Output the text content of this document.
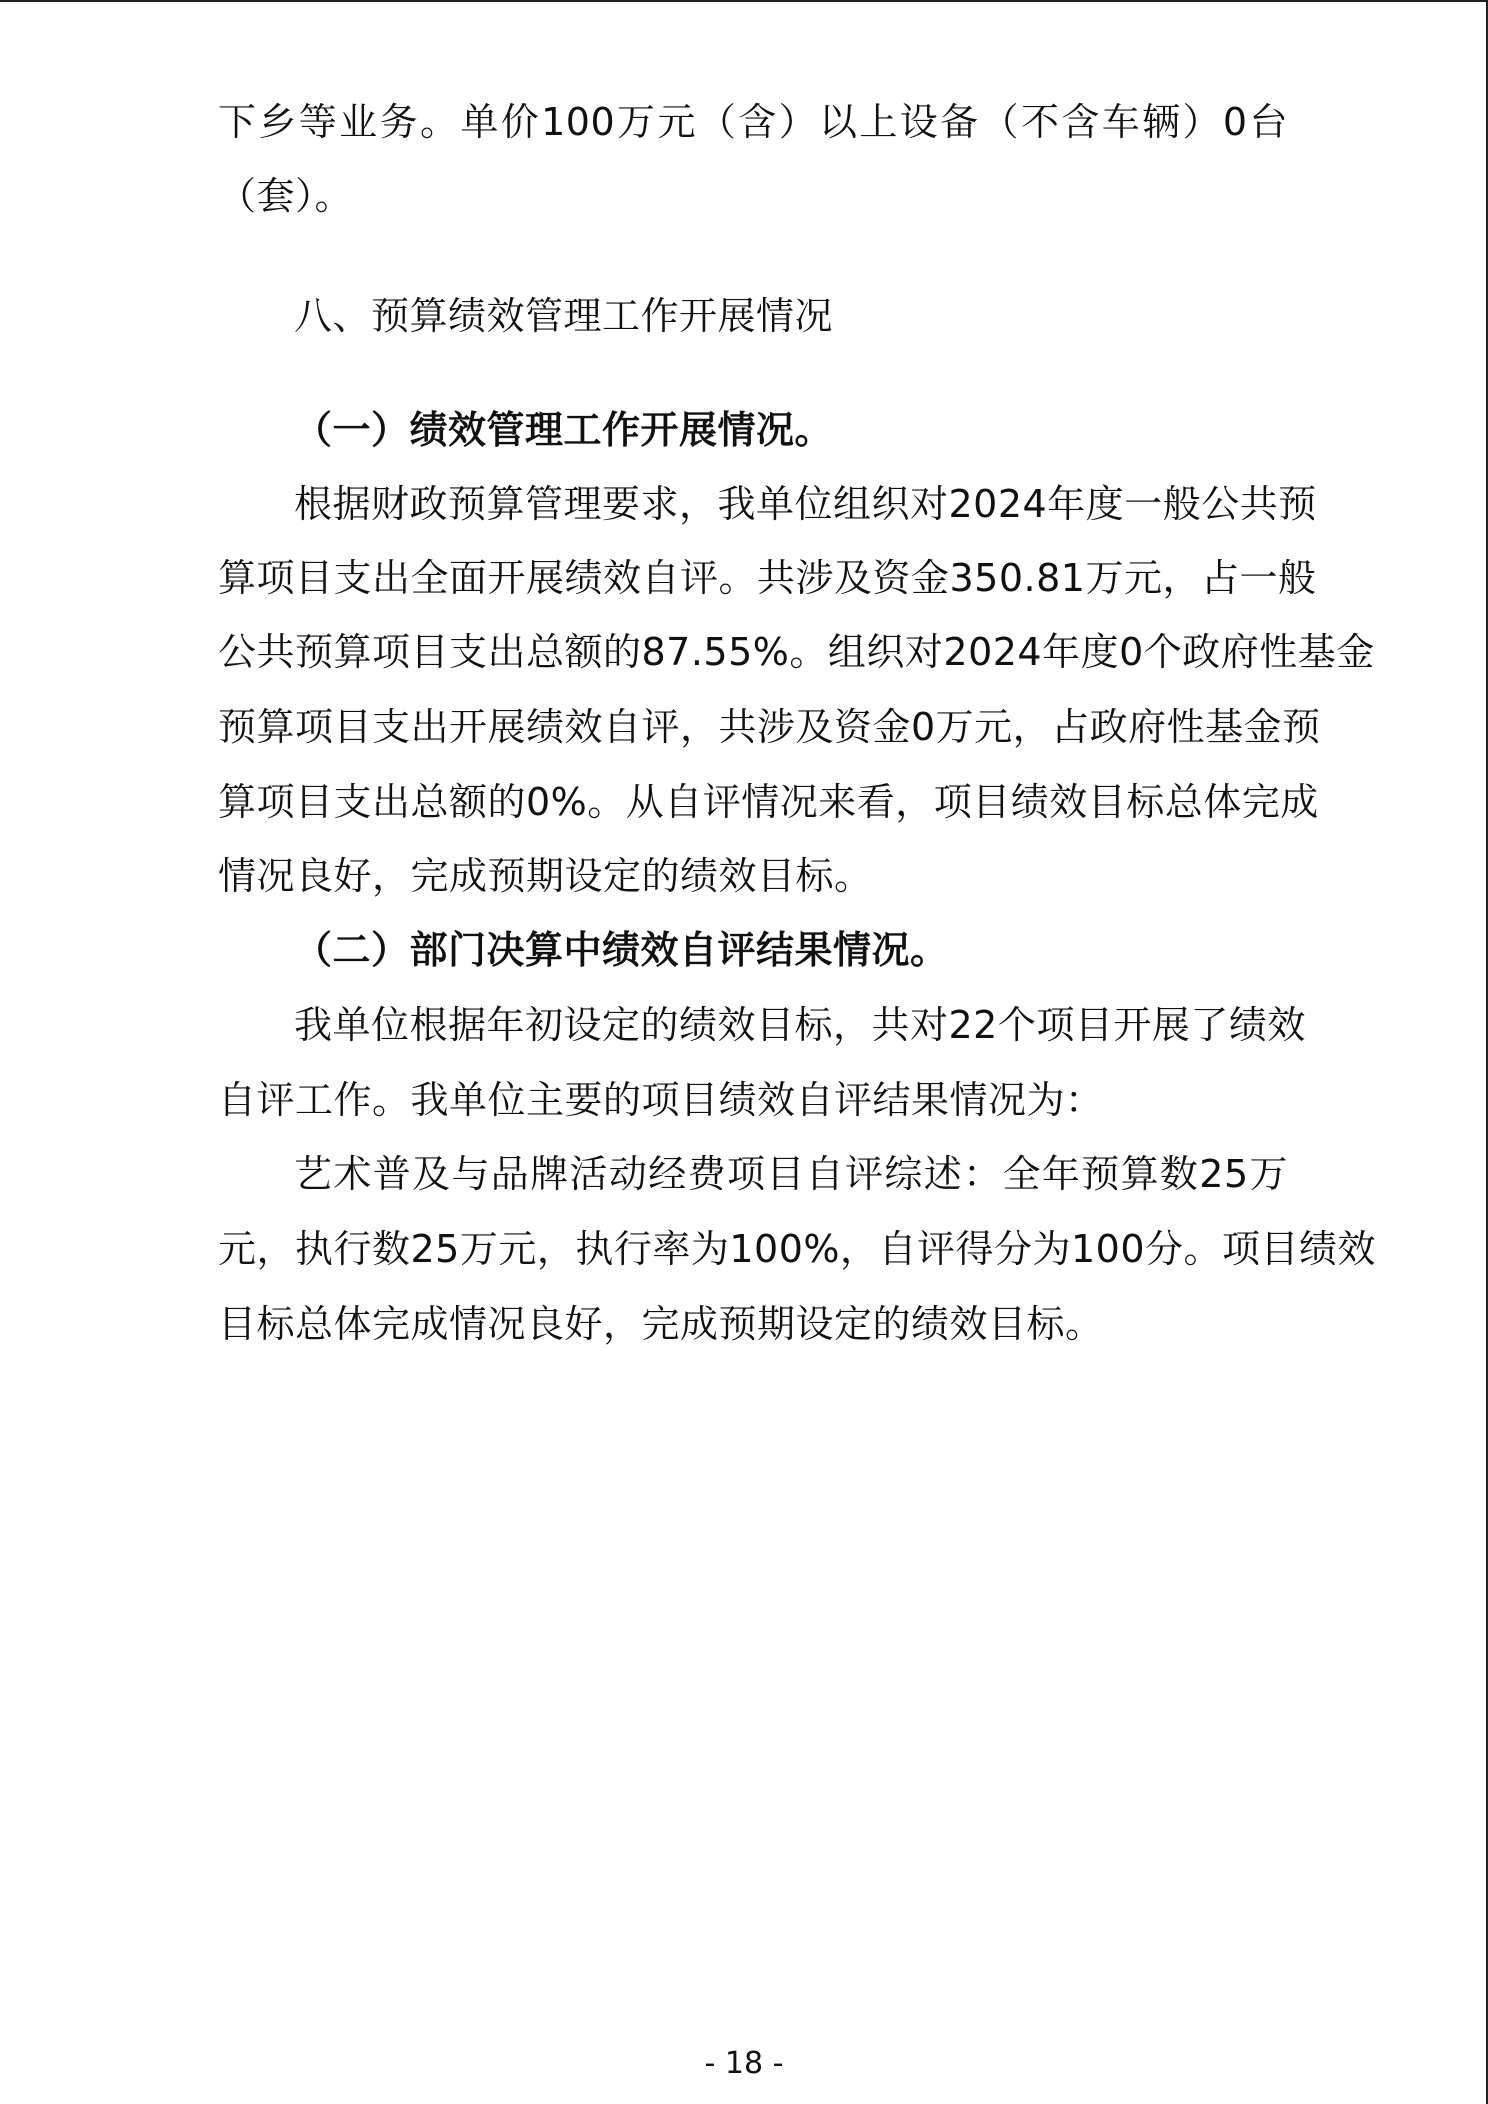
下乡等业务。单价100万元（含）以上设备（不含车辆）0台
（套）。
八、预算绩效管理工作开展情况
（一）绩效管理工作开展情况。
根据财政预算管理要求，我单位组织对2024年度一般公共预
算项目支出全面开展绩效自评。共涉及资金350.81万元，占一般
公共预算项目支出总额的87.55%。组织对2024年度0个政府性基金
预算项目支出开展绩效自评，共涉及资金0万元，占政府性基金预
算项目支出总额的0%。从自评情况来看，项目绩效目标总体完成
情况良好，完成预期设定的绩效目标。
（二）部门决算中绩效自评结果情况。
我单位根据年初设定的绩效目标，共对22个项目开展了绩效
自评工作。我单位主要的项目绩效自评结果情况为：
艺术普及与品牌活动经费项目自评综述：全年预算数25万
元，执行数25万元，执行率为100%，自评得分为100分。项目绩效
目标总体完成情况良好，完成预期设定的绩效目标。
- 18 -
